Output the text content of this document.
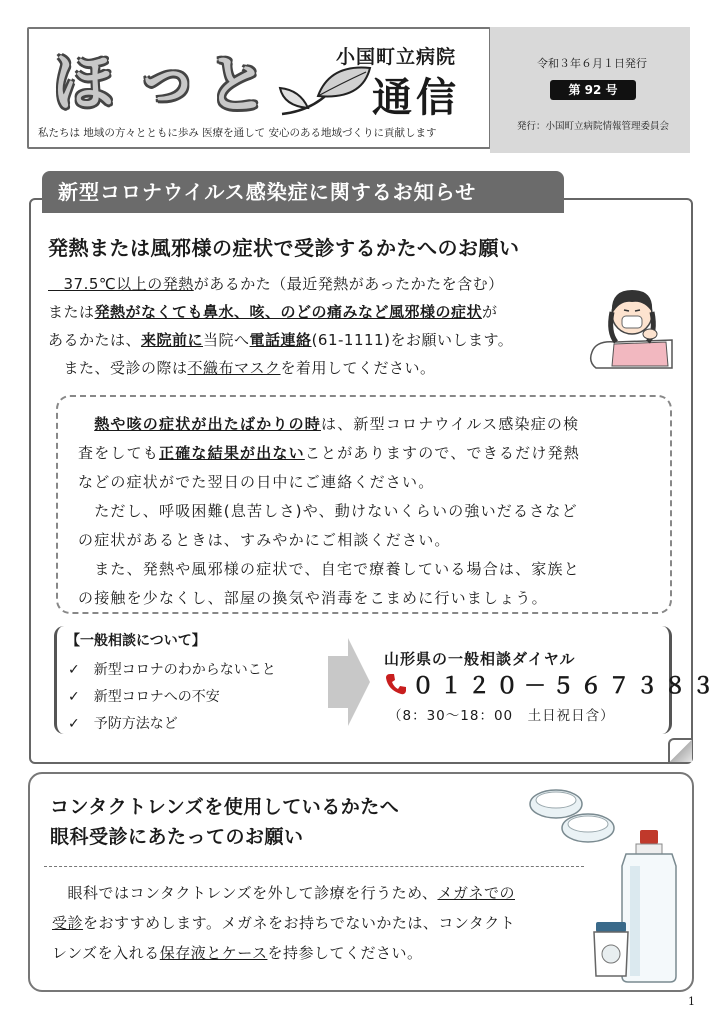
ほ っ と	小国町立病院
通信
私たちは 地域の方々とともに歩み 医療を通して 安心のある地域づくりに貢献します
令和３年６月１日発行
第 92 号
発行：小国町立病院情報管理委員会
新型コロナウイルス感染症に関するお知らせ
発熱または風邪様の症状で受診するかたへのお願い
　37.5℃以上の発熱があるかた（最近発熱があったかたを含む）
または発熱がなくても鼻水、咳、のどの痛みなど風邪様の症状が
あるかたは、来院前に当院へ電話連絡(61-1111)をお願いします。
　また、受診の際は不織布マスクを着用してください。
　熱や咳の症状が出たばかりの時は、新型コロナウイルス感染症の検
査をしても正確な結果が出ないことがありますので、できるだけ発熱
などの症状がでた翌日の日中にご連絡ください。
　ただし、呼吸困難(息苦しさ)や、動けないくらいの強いだるさなど
の症状があるときは、すみやかにご相談ください。
　また、発熱や風邪様の症状で、自宅で療養している場合は、家族と
の接触を少なくし、部屋の換気や消毒をこまめに行いましょう。
【一般相談について】
✓　 新型コロナのわからないこと
✓　 新型コロナへの不安
✓　 予防方法など
山形県の一般相談ダイヤル
０１２０－５６７３８３
（8：30～18：00　土日祝日含）
コンタクトレンズを使用しているかたへ
眼科受診にあたってのお願い
　眼科ではコンタクトレンズを外して診療を行うため、メガネでの
受診をおすすめします。メガネをお持ちでないかたは、コンタクト
レンズを入れる保存液とケースを持参してください。
1
